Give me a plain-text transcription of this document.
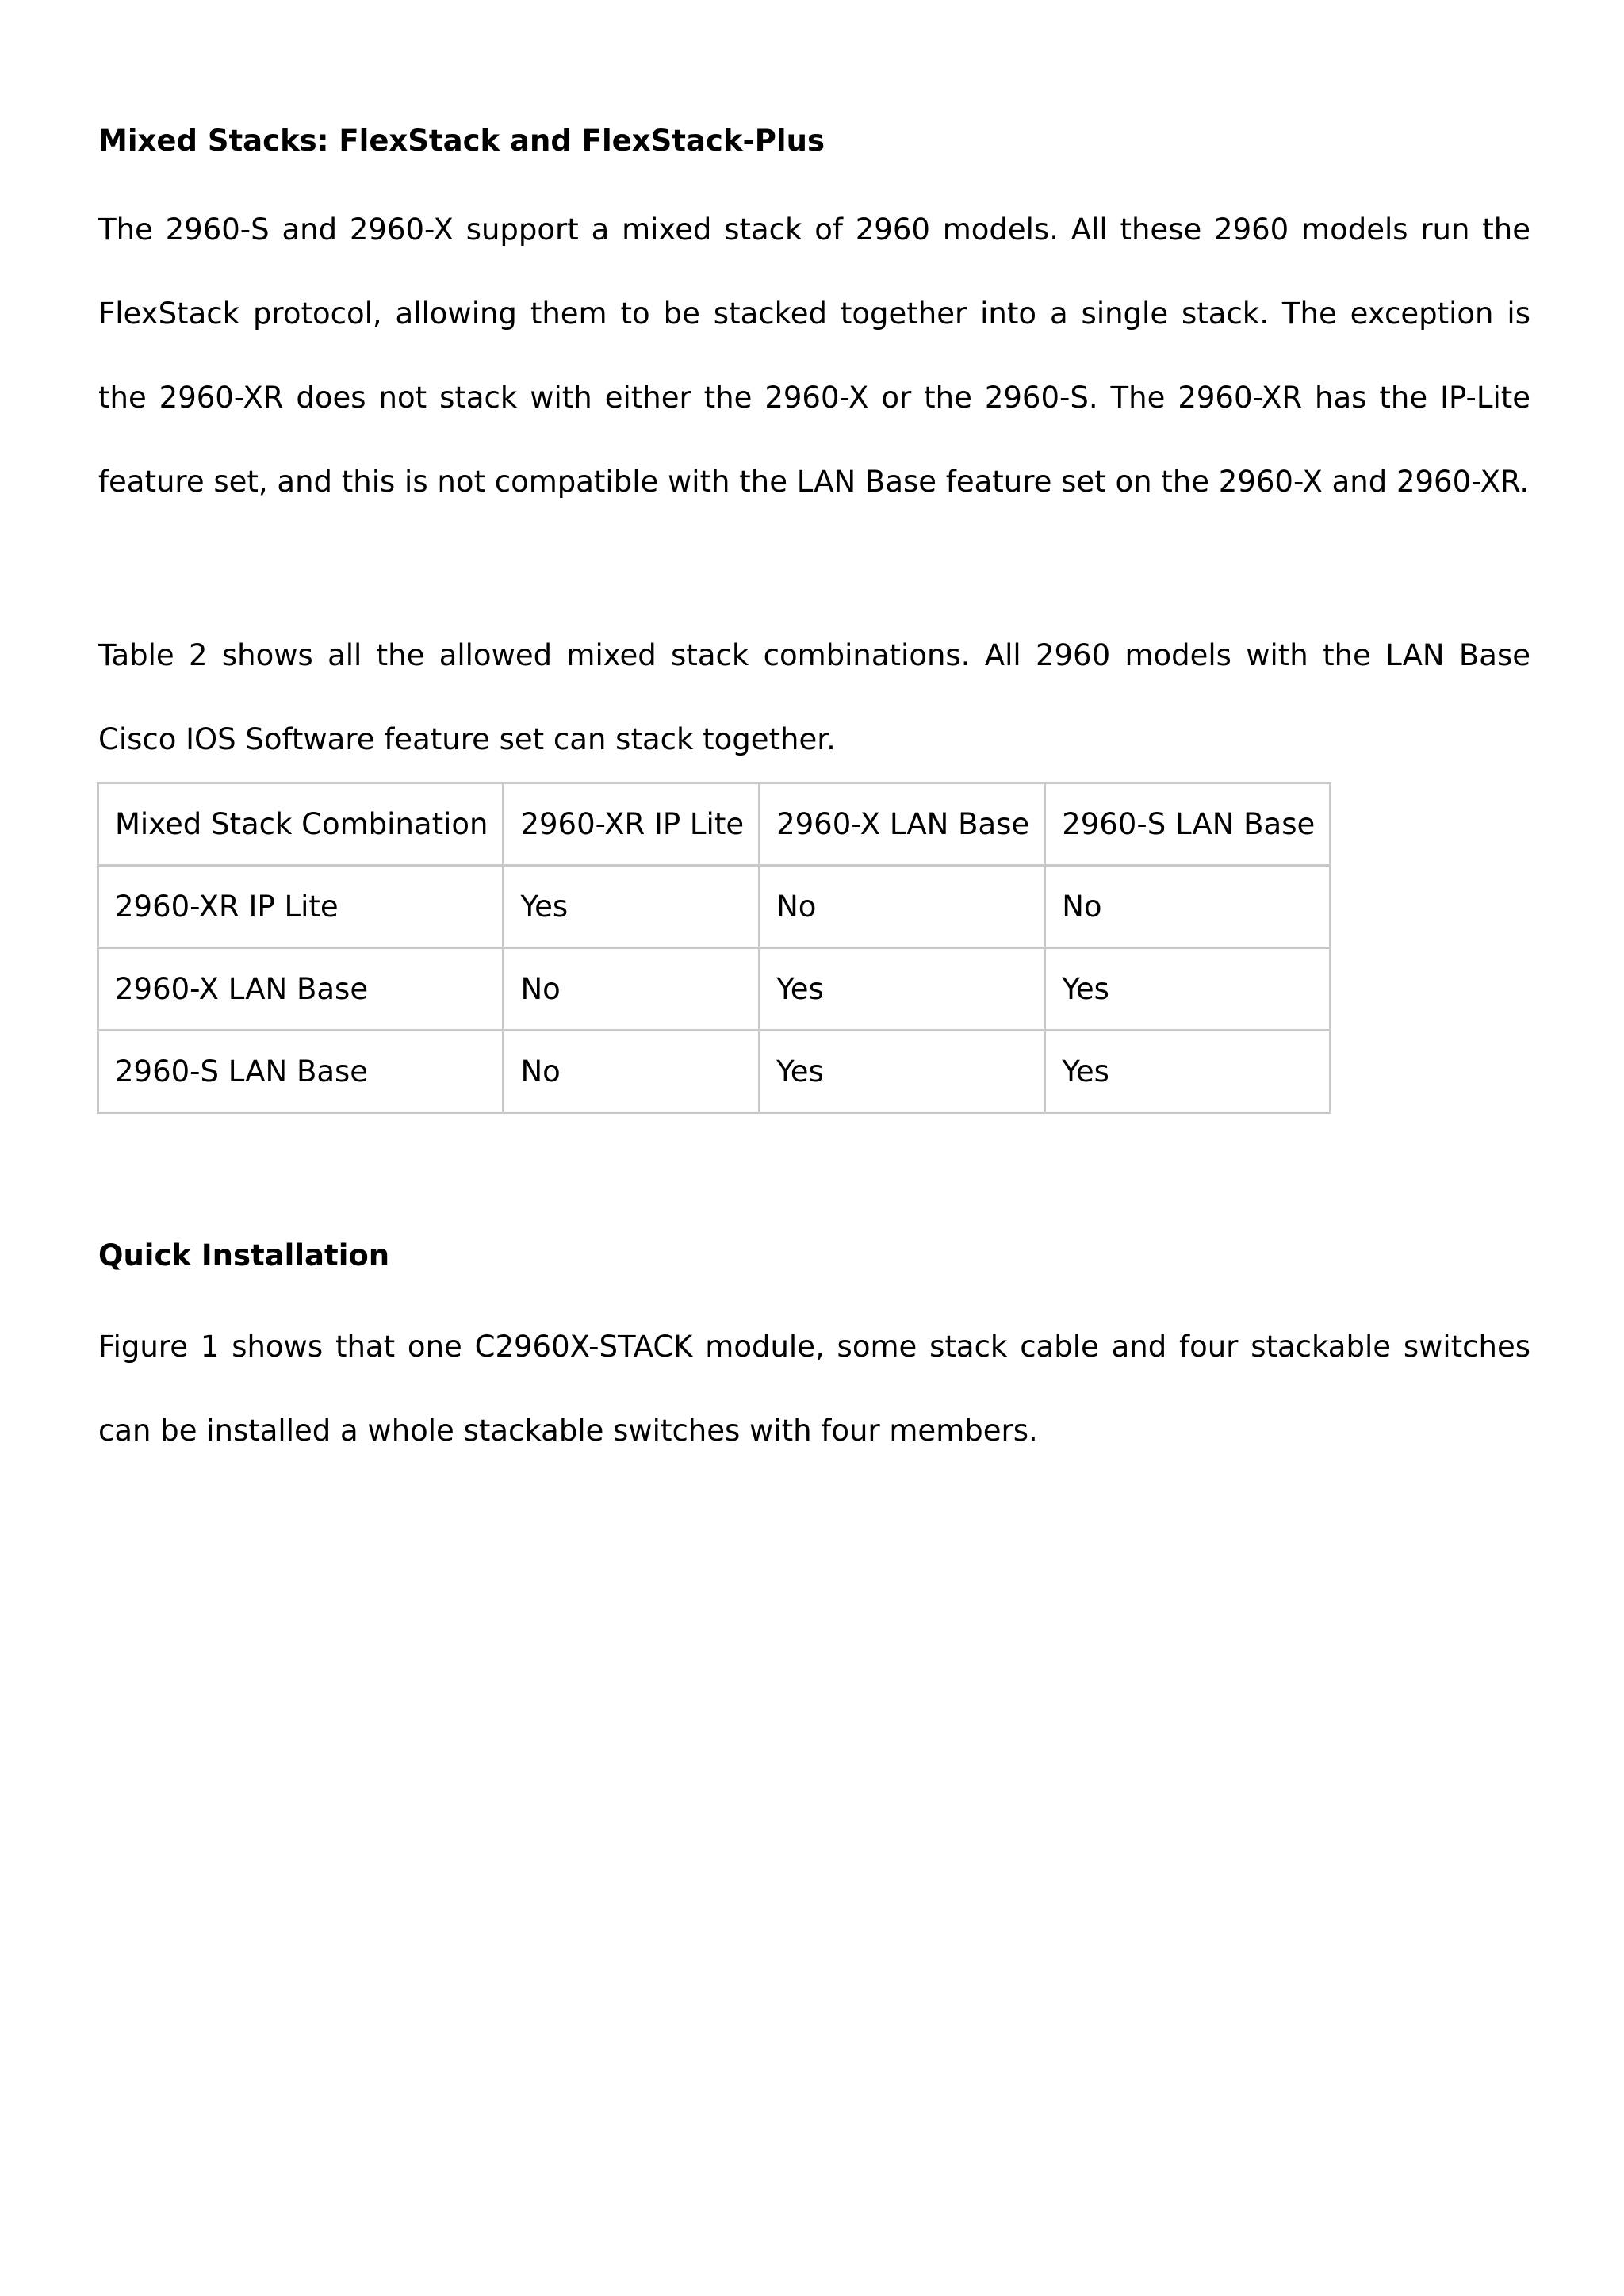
Mixed Stacks: FlexStack and FlexStack-Plus

The 2960-S and 2960-X support a mixed stack of 2960 models. All these 2960 models run the FlexStack protocol, allowing them to be stacked together into a single stack. The exception is the 2960-XR does not stack with either the 2960-X or the 2960-S. The 2960-XR has the IP-Lite feature set, and this is not compatible with the LAN Base feature set on the 2960-X and 2960-XR.

Table 2 shows all the allowed mixed stack combinations. All 2960 models with the LAN Base Cisco IOS Software feature set can stack together.

Mixed Stack Combination	2960-XR IP Lite	2960-X LAN Base	2960-S LAN Base
2960-XR IP Lite	Yes	No	No
2960-X LAN Base	No	Yes	Yes
2960-S LAN Base	No	Yes	Yes
Quick Installation

Figure 1 shows that one C2960X-STACK module, some stack cable and four stackable switches can be installed a whole stackable switches with four members.
